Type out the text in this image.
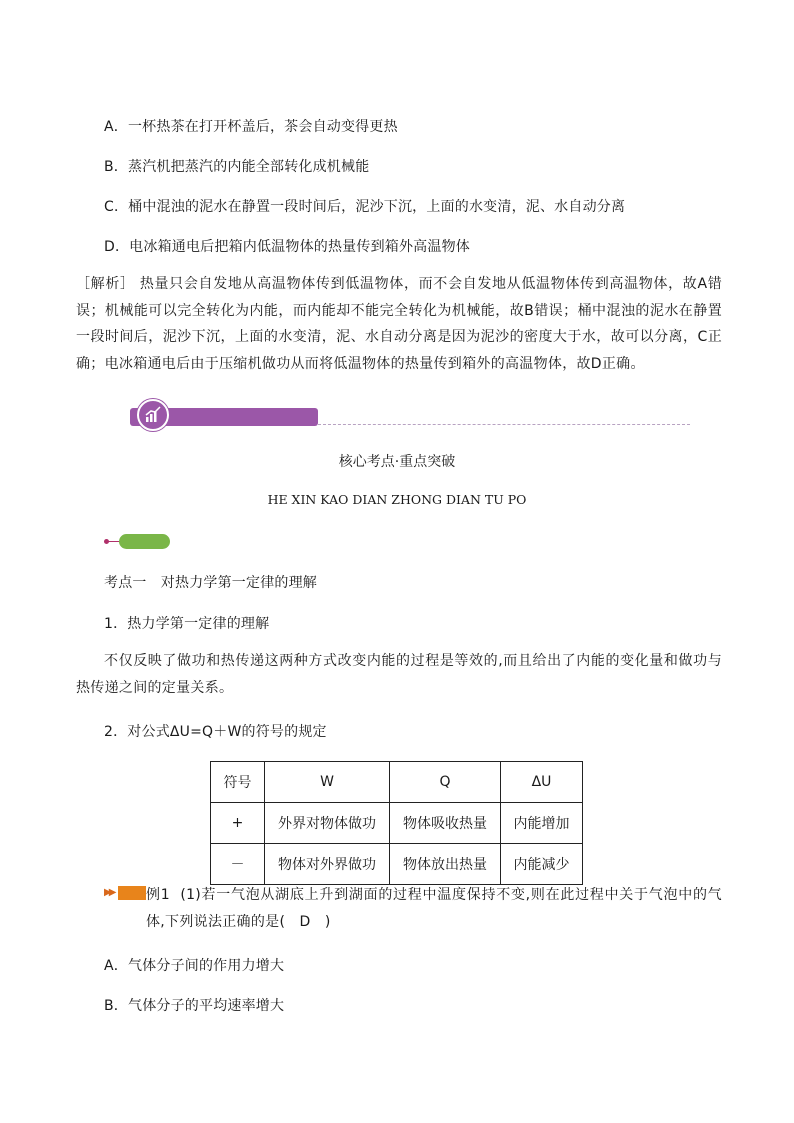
A．一杯热茶在打开杯盖后，茶会自动变得更热
B．蒸汽机把蒸汽的内能全部转化成机械能
C．桶中混浊的泥水在静置一段时间后，泥沙下沉，上面的水变清，泥、水自动分离
D．电冰箱通电后把箱内低温物体的热量传到箱外高温物体
［解析］ 热量只会自发地从高温物体传到低温物体，而不会自发地从低温物体传到高温物体，故A错误；机械能可以完全转化为内能，而内能却不能完全转化为机械能，故B错误；桶中混浊的泥水在静置一段时间后，泥沙下沉，上面的水变清，泥、水自动分离是因为泥沙的密度大于水，故可以分离，C正确；电冰箱通电后由于压缩机做功从而将低温物体的热量传到箱外的高温物体，故D正确。
核心考点·重点突破
HE XIN KAO DIAN ZHONG DIAN TU PO
考点一　对热力学第一定律的理解
1．热力学第一定律的理解
不仅反映了做功和热传递这两种方式改变内能的过程是等效的,而且给出了内能的变化量和做功与热传递之间的定量关系。
2．对公式ΔU=Q＋W的符号的规定
符号	W	Q	ΔU
+	外界对物体做功	物体吸收热量	内能增加
－	物体对外界做功	物体放出热量	内能减少
▶▶ 例1 (1)若一气泡从湖底上升到湖面的过程中温度保持不变,则在此过程中关于气泡中的气体,下列说法正确的是(　D　)
A．气体分子间的作用力增大
B．气体分子的平均速率增大
